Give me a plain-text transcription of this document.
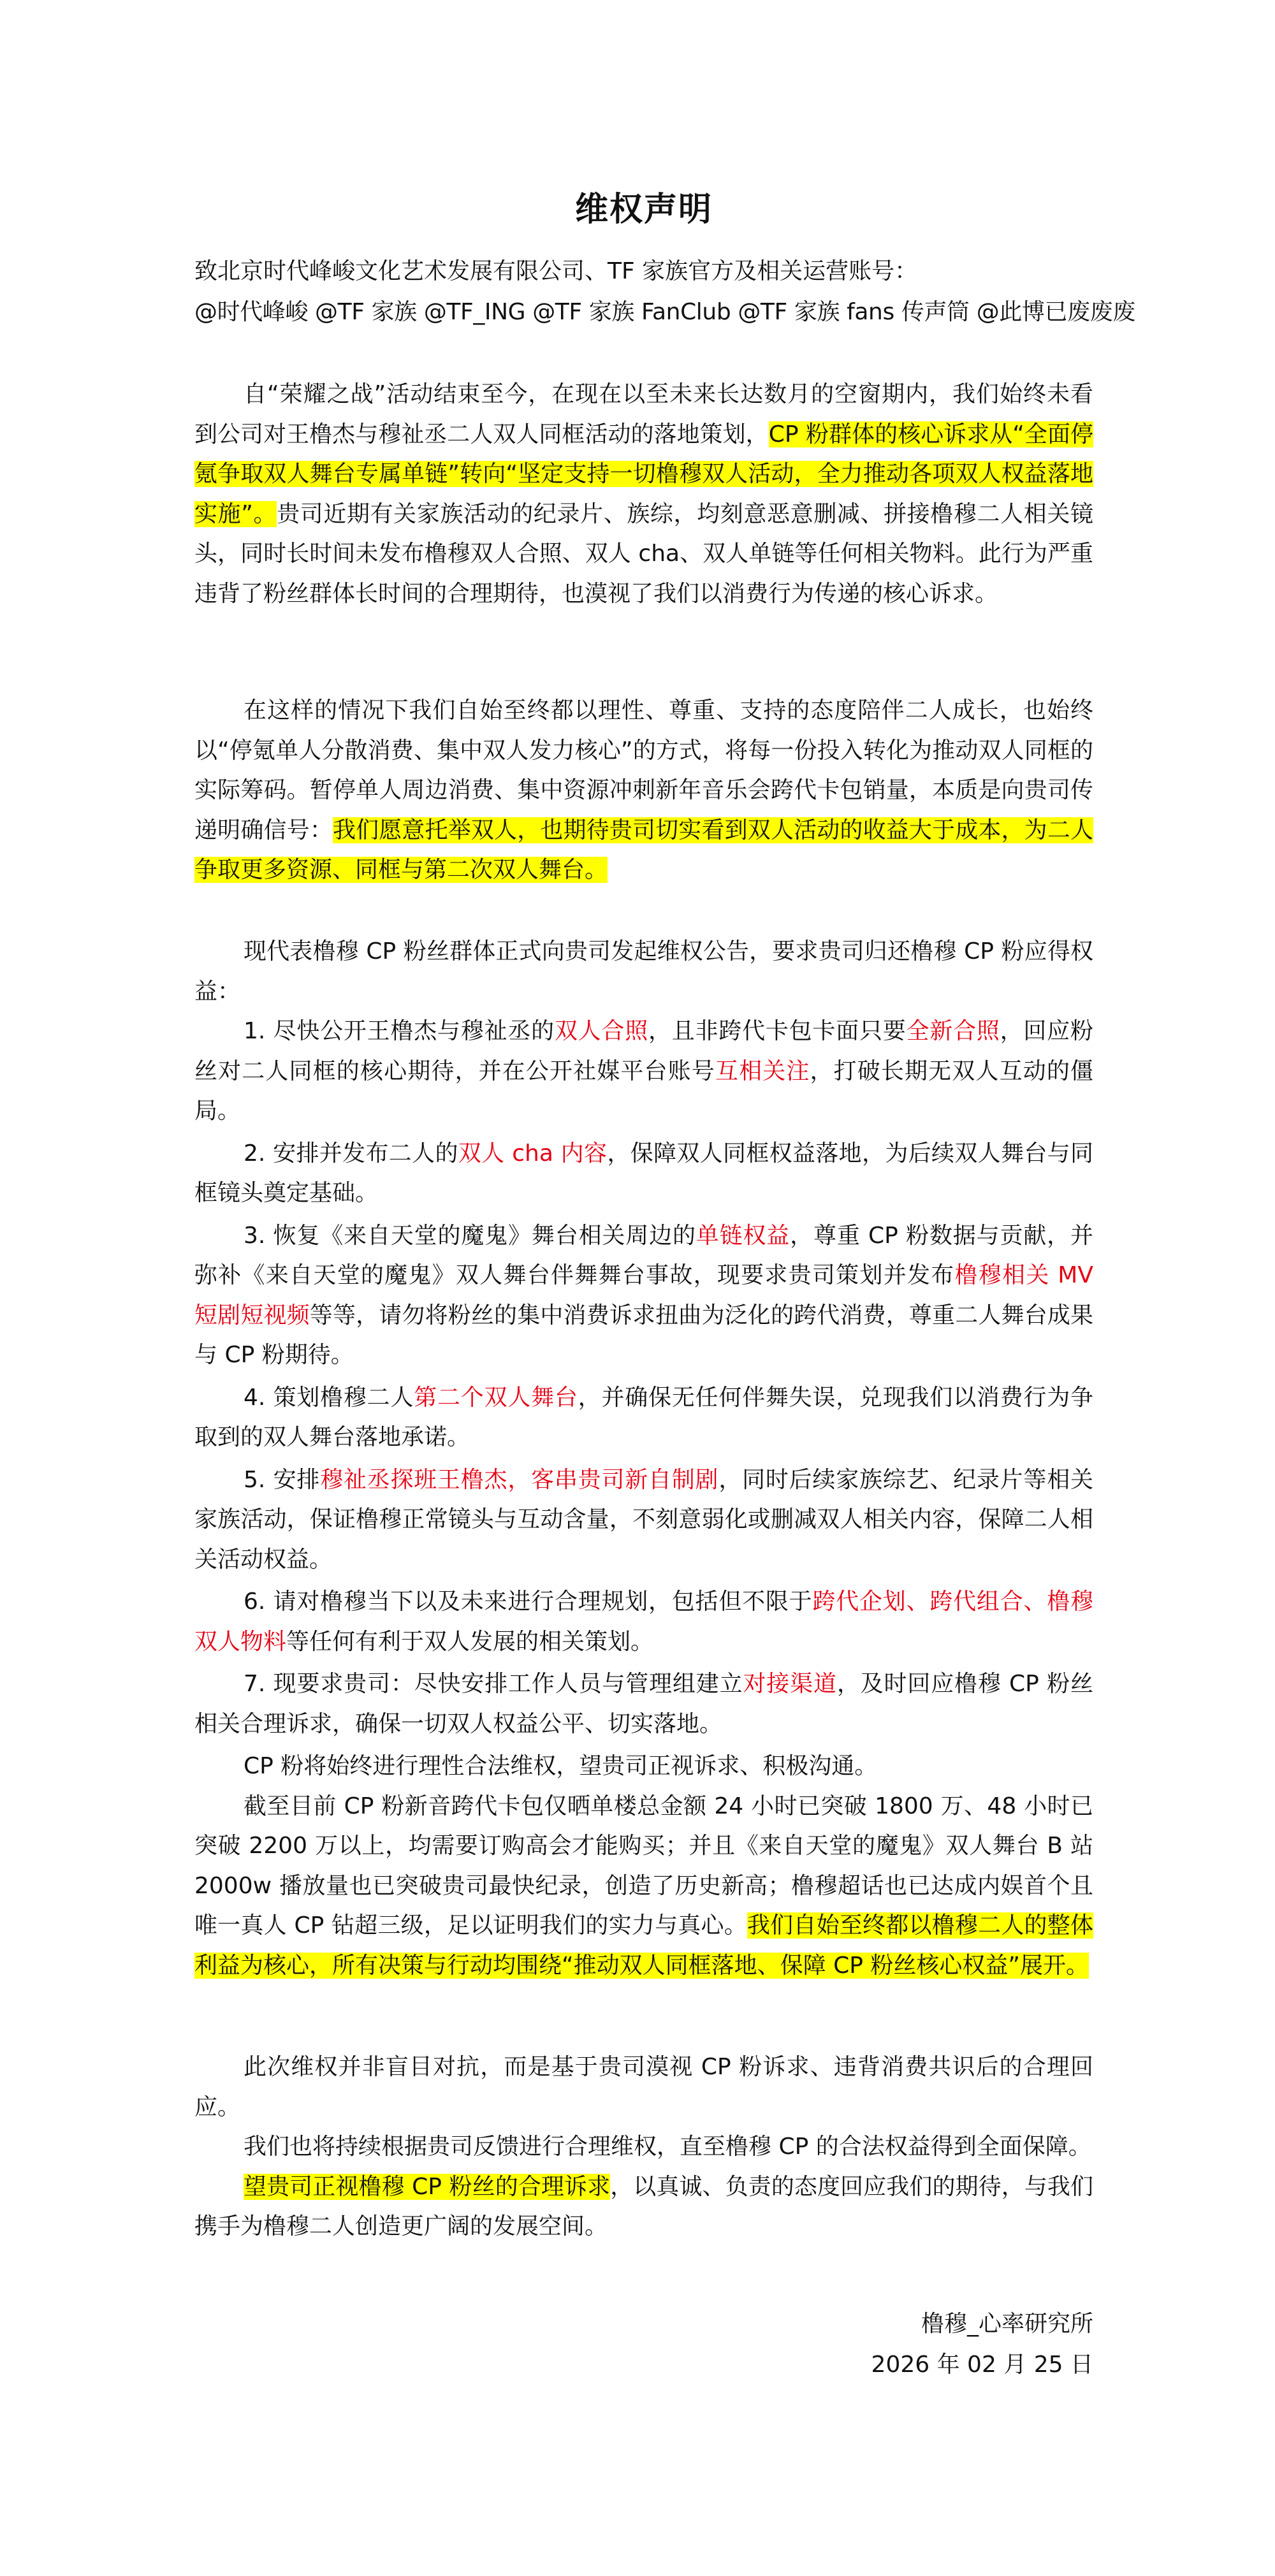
维权声明

致北京时代峰峻文化艺术发展有限公司、TF 家族官方及相关运营账号：

@时代峰峻 @TF 家族 @TF_ING @TF 家族 FanClub @TF 家族 fans 传声筒 @此博已废废废

自“荣耀之战”活动结束至今，在现在以至未来长达数月的空窗期内，我们始终未看到公司对王橹杰与穆祉丞二人双人同框活动的落地策划，CP 粉群体的核心诉求从“全面停氪争取双人舞台专属单链”转向“坚定支持一切橹穆双人活动，全力推动各项双人权益落地实施”。贵司近期有关家族活动的纪录片、族综，均刻意恶意删减、拼接橹穆二人相关镜头，同时长时间未发布橹穆双人合照、双人 cha、双人单链等任何相关物料。此行为严重违背了粉丝群体长时间的合理期待，也漠视了我们以消费行为传递的核心诉求。
在这样的情况下我们自始至终都以理性、尊重、支持的态度陪伴二人成长，也始终以“停氪单人分散消费、集中双人发力核心”的方式，将每一份投入转化为推动双人同框的实际筹码。暂停单人周边消费、集中资源冲刺新年音乐会跨代卡包销量，本质是向贵司传递明确信号：我们愿意托举双人，也期待贵司切实看到双人活动的收益大于成本，为二人争取更多资源、同框与第二次双人舞台。

现代表橹穆 CP 粉丝群体正式向贵司发起维权公告，要求贵司归还橹穆 CP 粉应得权益：

1. 尽快公开王橹杰与穆祉丞的双人合照，且非跨代卡包卡面只要全新合照，回应粉丝对二人同框的核心期待，并在公开社媒平台账号互相关注，打破长期无双人互动的僵局。

2. 安排并发布二人的双人 cha 内容，保障双人同框权益落地，为后续双人舞台与同框镜头奠定基础。

3. 恢复《来自天堂的魔鬼》舞台相关周边的单链权益，尊重 CP 粉数据与贡献，并弥补《来自天堂的魔鬼》双人舞台伴舞舞台事故，现要求贵司策划并发布橹穆相关 MV 短剧短视频等等，请勿将粉丝的集中消费诉求扭曲为泛化的跨代消费，尊重二人舞台成果与 CP 粉期待。

4. 策划橹穆二人第二个双人舞台，并确保无任何伴舞失误，兑现我们以消费行为争取到的双人舞台落地承诺。

5. 安排穆祉丞探班王橹杰，客串贵司新自制剧，同时后续家族综艺、纪录片等相关家族活动，保证橹穆正常镜头与互动含量，不刻意弱化或删减双人相关内容，保障二人相关活动权益。

6. 请对橹穆当下以及未来进行合理规划，包括但不限于跨代企划、跨代组合、橹穆双人物料等任何有利于双人发展的相关策划。

7. 现要求贵司：尽快安排工作人员与管理组建立对接渠道，及时回应橹穆 CP 粉丝相关合理诉求，确保一切双人权益公平、切实落地。

CP 粉将始终进行理性合法维权，望贵司正视诉求、积极沟通。

截至目前 CP 粉新音跨代卡包仅晒单楼总金额 24 小时已突破 1800 万、48 小时已突破 2200 万以上，均需要订购高会才能购买；并且《来自天堂的魔鬼》双人舞台 B 站 2000w 播放量也已突破贵司最快纪录，创造了历史新高；橹穆超话也已达成内娱首个且唯一真人 CP 钻超三级，足以证明我们的实力与真心。我们自始至终都以橹穆二人的整体利益为核心，所有决策与行动均围绕“推动双人同框落地、保障 CP 粉丝核心权益”展开。

此次维权并非盲目对抗，而是基于贵司漠视 CP 粉诉求、违背消费共识后的合理回应。

我们也将持续根据贵司反馈进行合理维权，直至橹穆 CP 的合法权益得到全面保障。

望贵司正视橹穆 CP 粉丝的合理诉求，以真诚、负责的态度回应我们的期待，与我们携手为橹穆二人创造更广阔的发展空间。

橹穆_心率研究所
2026 年 02 月 25 日
